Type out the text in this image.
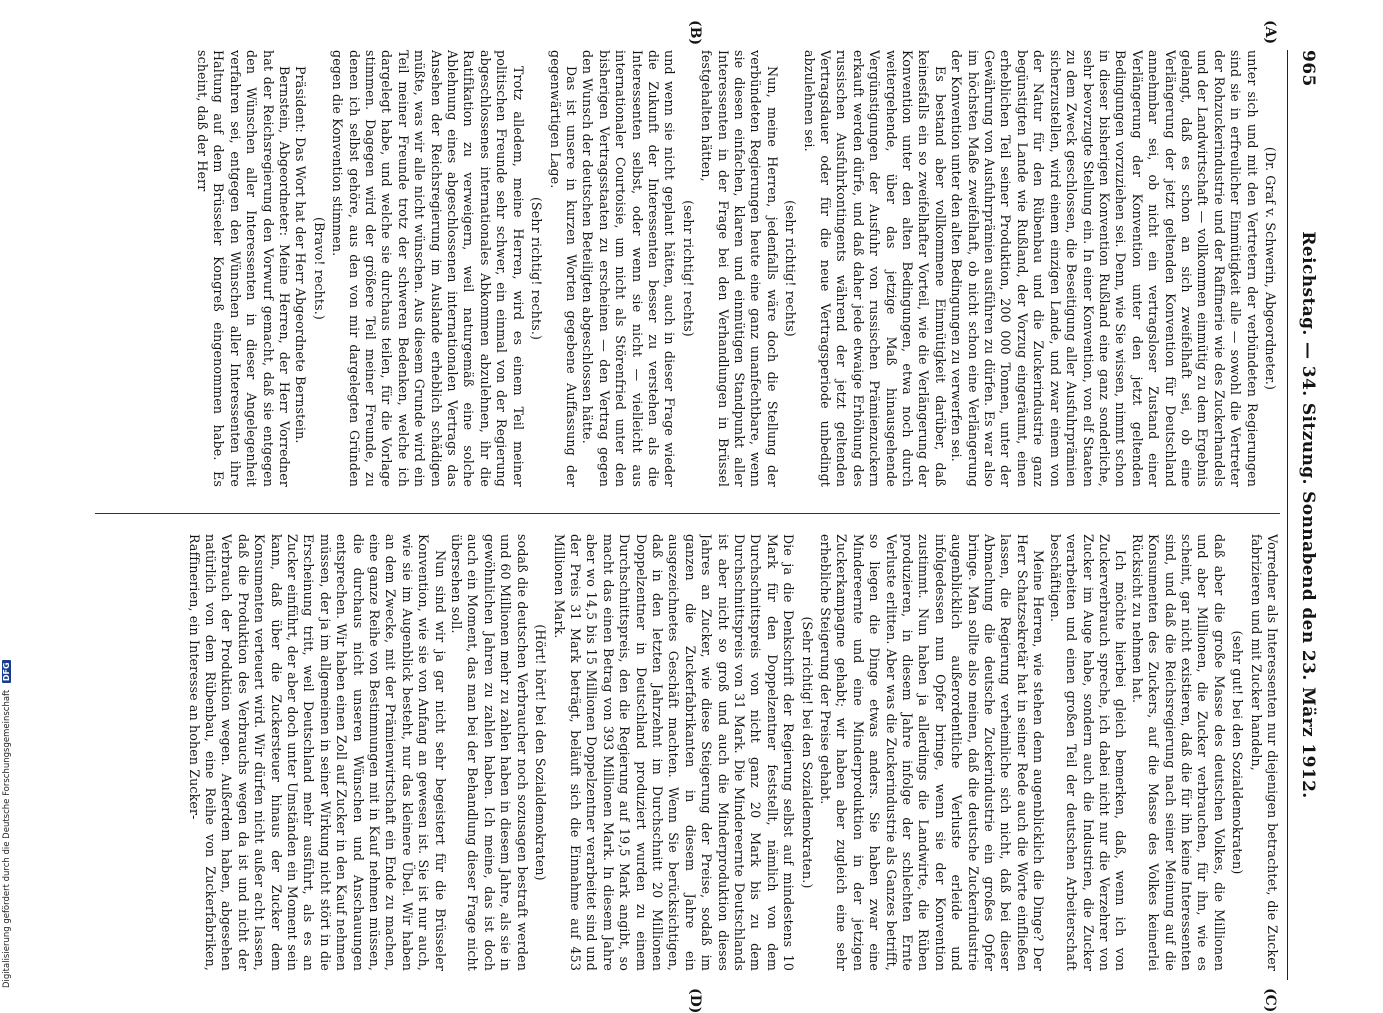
Digitalisierung gefördert durch die Deutsche Forschungsgemeinschaft DFG
965
Reichstag. — 34. Sitzung. Sonnabend den 23. März 1912.

(Dr. Graf v. Schwerin, Abgeordneter.)

unter sich und mit den Vertretern der verbündeten Regierungen sind sie in erfreulicher Einmütigkeit alle — sowohl die Vertreter der Rohzuckerindustrie und der Raffinerie wie des Zuckerhandels und der Landwirtschaft — vollkommen einmütig zu dem Ergebnis gelangt, daß es schon an sich zweifelhaft sei, ob eine Verlängerung der jetzt geltenden Konvention für Deutschland annehmbar sei, ob nicht ein vertragsloser Zustand einer Verlängerung der Konvention unter den jetzt geltenden Bedingungen vorzuziehen sei. Denn, wie Sie wissen, nimmt schon in dieser bisherigen Konvention Rußland eine ganz sonderliche, sehr bevorzugte Stellung ein. In einer Konvention, von elf Staaten zu dem Zweck geschlossen, die Beseitigung aller Ausfuhrprämien sicherzustellen, wird einem einzigen Lande, und zwar einem von der Natur für den Rübenbau und die Zuckerindustrie ganz begünstigten Lande wie Rußland, der Vorzug eingeräumt, einen erheblichen Teil seiner Produktion, 200 000 Tonnen, unter der Gewährung von Ausfuhrprämien ausführen zu dürfen. Es war also im höchsten Maße zweifelhaft, ob nicht schon eine Verlängerung der Konvention unter den alten Bedingungen zu verwerfen sei.

Es bestand aber vollkommene Einmütigkeit darüber, daß keinesfalls ein so zweifelhafter Vorteil, wie die Verlängerung der Konvention unter den alten Bedingungen, etwa noch durch weitergehende, über das jetzige Maß hinausgehende Vergünstigungen der Ausfuhr von russischen Prämienzuckern erkauft werden dürfe, und daß daher jede etwaige Erhöhung des russischen Ausfuhrkontingents während der jetzt geltenden Vertragsdauer oder für die neue Vertragsperiode unbedingt abzulehnen sei.

(sehr richtig! rechts)

Nun, meine Herren, jedenfalls wäre doch die Stellung der verbündeten Regierungen heute eine ganz unanfechtbare, wenn sie diesen einfachen, klaren und einmütigen Standpunkt aller Interessenten in der Frage bei den Verhandlungen in Brüssel festgehalten hätten,

(sehr richtig! rechts)

und wenn sie nicht geplant hätten, auch in dieser Frage wieder die Zukunft der Interessenten besser zu verstehen als die Interessenten selbst, oder wenn sie nicht — vielleicht aus internationaler Courtoisie, um nicht als Störenfried unter den bisherigen Vertragsstaaten zu erscheinen — den Vertrag gegen den Wunsch der deutschen Beteiligten abgeschlossen hätte.

Das ist unsere in kurzen Worten gegebene Auffassung der gegenwärtigen Lage.

(Sehr richtig! rechts.)

Trotz alledem, meine Herren, wird es einem Teil meiner politischen Freunde sehr schwer, ein einmal von der Regierung abgeschlossenes internationales Abkommen abzulehnen, ihr die Ratifikation zu verweigern, weil naturgemäß eine solche Ablehnung eines abgeschlossenen internationalen Vertrags das Ansehen der Reichsregierung im Auslande erheblich schädigen müßte, was wir alle nicht wünschen. Aus diesem Grunde wird ein Teil meiner Freunde trotz der schweren Bedenken, welche ich dargelegt habe, und welche sie durchaus teilen, für die Vorlage stimmen. Dagegen wird der größere Teil meiner Freunde, zu denen ich selbst gehöre, aus den von mir dargelegten Gründen gegen die Konvention stimmen.

(Bravo! rechts.)

Präsident: Das Wort hat der Herr Abgeordnete Bernstein.

Bernstein, Abgeordneter: Meine Herren, der Herr Vorredner hat der Reichsregierung den Vorwurf gemacht, daß sie entgegen den Wünschen aller Interessenten in dieser Angelegenheit verfahren sei, entgegen den Wünschen aller Interessenten ihre Haltung auf dem Brüsseler Kongreß eingenommen habe. Es scheint, daß der Herr

Vorredner als Interessenten nur diejenigen betrachtet, die Zucker fabrizieren und mit Zucker handeln,

(sehr gut! bei den Sozialdemokraten)

daß aber die große Masse des deutschen Volkes, die Millionen und aber Millionen, die Zucker verbrauchen, für ihn, wie es scheint, gar nicht existieren, daß die für ihn keine Interessenten sind, und daß die Reichsregierung nach seiner Meinung auf die Konsumenten des Zuckers, auf die Masse des Volkes keinerlei Rücksicht zu nehmen hat.

Ich möchte hierbei gleich bemerken, daß, wenn ich von Zuckerverbrauch spreche, ich dabei nicht nur die Verzehrer von Zucker im Auge habe, sondern auch die Industrien, die Zucker verarbeiten und einen großen Teil der deutschen Arbeiterschaft beschäftigen.

Meine Herren, wie stehen denn augenblicklich die Dinge? Der Herr Schatzsekretär hat in seiner Rede auch die Worte einfließen lassen, die Regierung verheimliche sich nicht, daß bei dieser Abmachung die deutsche Zuckerindustrie ein großes Opfer bringe. Man sollte also meinen, daß die deutsche Zuckerindustrie augenblicklich außerordentliche Verluste erleide und infolgedessen nun Opfer bringe, wenn sie der Konvention zustimmt. Nun haben ja allerdings die Landwirte, die Rüben produzieren, in diesem Jahre infolge der schlechten Ernte Verluste erlitten. Aber was die Zuckerindustrie als Ganzes betrifft, so liegen die Dinge etwas anders. Sie haben zwar eine Mindereernte und eine Minderproduktion in der jetzigen Zuckerkampagne gehabt; wir haben aber zugleich eine sehr erhebliche Steigerung der Preise gehabt.

(Sehr richtig! bei den Sozialdemokraten.)

Die ja die Denkschrift der Regierung selbst auf mindestens 10 Mark für den Doppelzentner feststellt, nämlich von dem Durchschnittspreis von nicht ganz 20 Mark bis zu dem Durchschnittspreis von 31 Mark. Die Mindereernte Deutschlands ist aber nicht so groß und auch die Minderproduktion dieses Jahres an Zucker, wie diese Steigerung der Preise, sodaß im ganzen die Zuckerfabrikanten in diesem Jahre ein ausgezeichnetes Geschäft machten. Wenn Sie berücksichtigen, daß in den letzten Jahrzehnt im Durchschnitt 20 Millionen Doppelzentner in Deutschland produziert wurden zu einem Durchschnittspreis, den die Regierung auf 19,5 Mark angibt, so macht das einen Betrag von 393 Millionen Mark. In diesem Jahre aber wo 14,5 bis 15 Millionen Doppelzentner verarbeitet sind und der Preis 31 Mark beträgt, beläuft sich die Einnahme auf 453 Millionen Mark.

(Hört! hört! bei den Sozialdemokraten)

sodaß die deutschen Verbraucher noch sozusagen bestraft werden und 60 Millionen mehr zu zahlen haben in diesem Jahre, als sie in gewöhnlichen Jahren zu zahlen haben. Ich meine, das ist doch auch ein Moment, das man bei der Behandlung dieser Frage nicht übersehen soll.

Nun sind wir ja gar nicht sehr begeistert für die Brüsseler Konvention, wie sie von Anfang an gewesen ist. Sie ist nur auch, wie sie im Augenblick besteht, nur das kleinere Übel. Wir haben an dem Zwecke, mit der Prämienwirtschaft ein Ende zu machen, eine ganze Reihe von Bestimmungen mit in Kauf nehmen müssen, die durchaus nicht unseren Wünschen und Anschauungen entsprechen. Wir haben einen Zoll auf Zucker in den Kauf nehmen müssen, der ja im allgemeinen in seiner Wirkung nicht stört in die Erscheinung tritt, weil Deutschland mehr ausführt, als es an Zucker einführt, der aber doch unter Umständen ein Moment sein kann, daß über die Zuckersteuer hinaus der Zucker dem Konsumenten verteuert wird. Wir dürfen nicht außer acht lassen, daß die Produktion des Verbrauchs wegen da ist und nicht der Verbrauch der Produktion wegen. Außerdem haben, abgesehen natürlich von dem Rübenbau, eine Reihe von Zuckerfabriken, Raffinerien, ein Interesse an hohen Zucker-

(A)
(B)
(C)
(D)
